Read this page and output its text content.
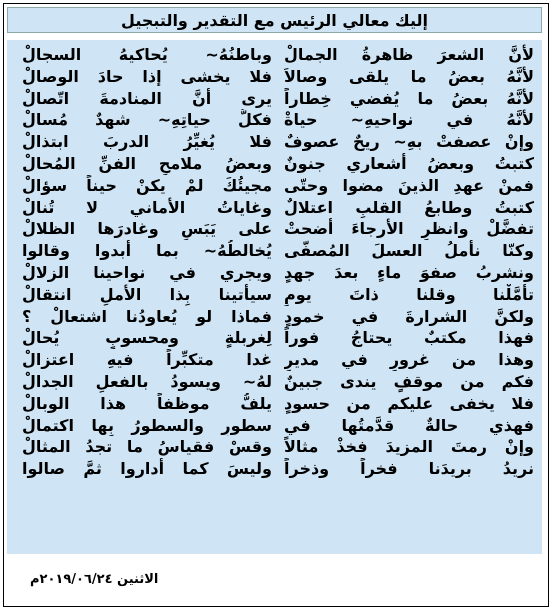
إليك معالي الرئيس مع التقدير والتبجيل
لأنَّ الشعرَ ظاهرةُ الجمالْ
لأنَّهُ بعضُ ما يلقى وصالاَ
لأنَّهُ بعضُ ما يُفضي خِطاراً
لأنَّهُ في نواحيهِ~ حياةْ
وإنْ عصفتْ بهِ~ ريحٌ عصوفٌ
كتبتُ وبعضُ أشعاري جنونٌ
فمنْ عهدِ الذينَ مضوا وحتّى
كتبتُ وطابعُ القلبِ اعتلالٌ
تفضَّلْ وانظرِ الأرجاءَ أضحتْ
وكنّا نأملُ العسلَ المُصفّى
ونشربُ صفوَ ماءٍ بعدَ جهدٍ
تأمَّلْنا وقلنا ذاتَ يومٍ
ولكنَّ الشرارةَ في خمودٍ
فهذا مكتبٌ يحتاجُ فوراً
وهذا من غرورٍ في مديرٍ
فكم من موقفٍ يندى جبينٌ
فلا يخفى عليكم من حسودٍ
فهذي حالةٌ قدَّمتُها في
وإنْ رمتَ المزيدَ فخذْ مثالاً
نريدُ بريدَنا فخراً وذخراً
وباطنُهُ~ يُحاكيهُ السجالْ
فلا يخشى إذا حادَ الوصالْ
يرى أنَّ المنادمةَ اتّصالْ
فكلُّ حياتِهِ~ شهدٌ مُسالْ
فلا يُغيِّرُ الدربَ ابتذالْ
وبعضُ ملامحِ الفنِّ المُحالْ
مجيئُكَ لمْ يكنْ حيناً سؤالْ
وغاياتُ الأماني لا تُنالْ
على يَبَسٍ وغادرَها الظلالْ
يُخالطُهُ~ بما أبدوا وقالوا
ويجري في نواحينا الزلالْ
سيأتينا بِذا الأملِ انتقالْ
فماذا لو يُعاودُنا اشتعالْ ؟
لِغربلةٍ ومحسوبٍ يُحالْ
غدا متكبِّراً فيهِ اعتزالْ
لهُ~ ويسودُ بالفعلِ الجدالْ
يلفُّ موظفاً هذا الوبالْ
سطورٍ والسطورُ بِها اكتمالْ
وقسْ فقياسُ ما تجدُ المثالْ
وليسَ كما أداروا ثمَّ صالوا
الاثنين ٢٠١٩/٠٦/٢٤م
